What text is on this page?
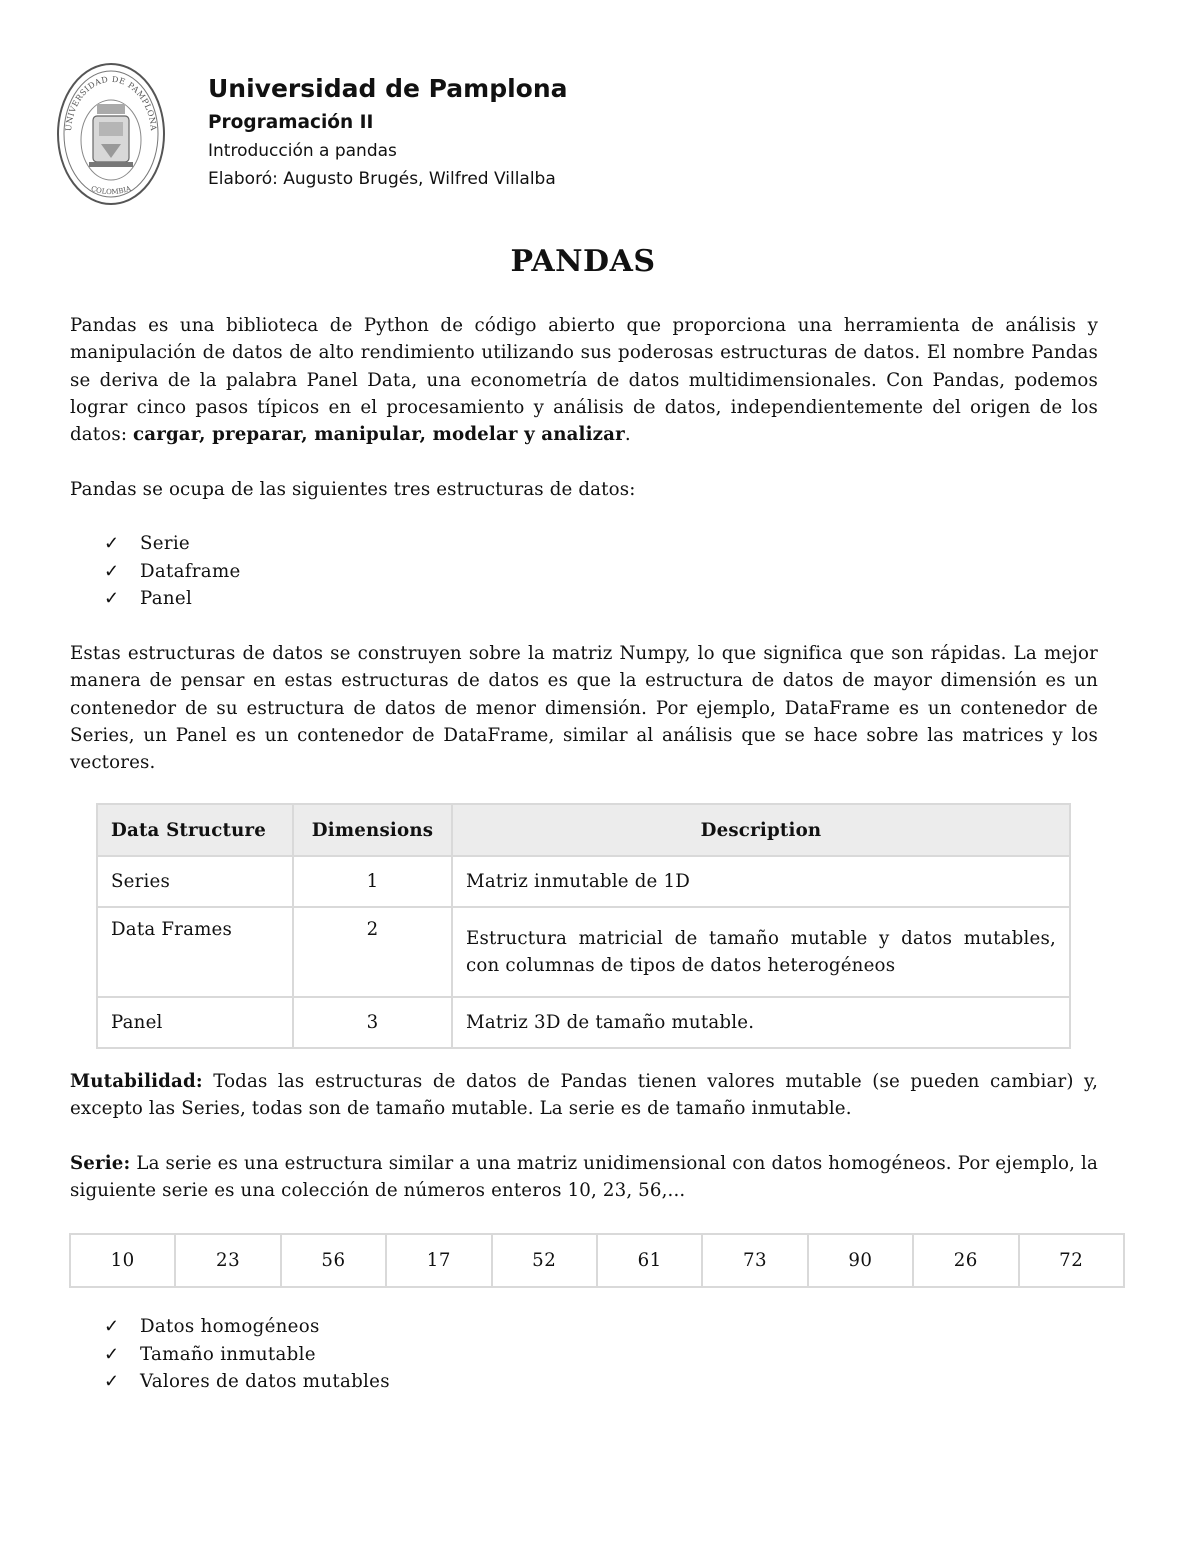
UNIVERSIDAD DE PAMPLONA
COLOMBIA
Universidad de Pamplona
Programación II
Introducción a pandas
Elaboró: Augusto Brugés, Wilfred Villalba
PANDAS

Pandas es una biblioteca de Python de código abierto que proporciona una herramienta de análisis y manipulación de datos de alto rendimiento utilizando sus poderosas estructuras de datos. El nombre Pandas se deriva de la palabra Panel Data, una econometría de datos multidimensionales. Con Pandas, podemos lograr cinco pasos típicos en el procesamiento y análisis de datos, independientemente del origen de los datos: cargar, preparar, manipular, modelar y analizar.

Pandas se ocupa de las siguientes tres estructuras de datos:

✓	Serie
✓	Dataframe
✓	Panel

Estas estructuras de datos se construyen sobre la matriz Numpy, lo que significa que son rápidas. La mejor manera de pensar en estas estructuras de datos es que la estructura de datos de mayor dimensión es un contenedor de su estructura de datos de menor dimensión. Por ejemplo, DataFrame es un contenedor de Series, un Panel es un contenedor de DataFrame, similar al análisis que se hace sobre las matrices y los vectores.

Data Structure	Dimensions	Description
Series	1	Matriz inmutable de 1D
Data Frames	2	Estructura matricial de tamaño mutable y datos mutables, con columnas de tipos de datos heterogéneos
Panel	3	Matriz 3D de tamaño mutable.

Mutabilidad: Todas las estructuras de datos de Pandas tienen valores mutable (se pueden cambiar) y, excepto las Series, todas son de tamaño mutable. La serie es de tamaño inmutable.

Serie: La serie es una estructura similar a una matriz unidimensional con datos homogéneos. Por ejemplo, la siguiente serie es una colección de números enteros 10, 23, 56,...

10	23	56	17	52	61	73	90	26	72
✓	Datos homogéneos
✓	Tamaño inmutable
✓	Valores de datos mutables
